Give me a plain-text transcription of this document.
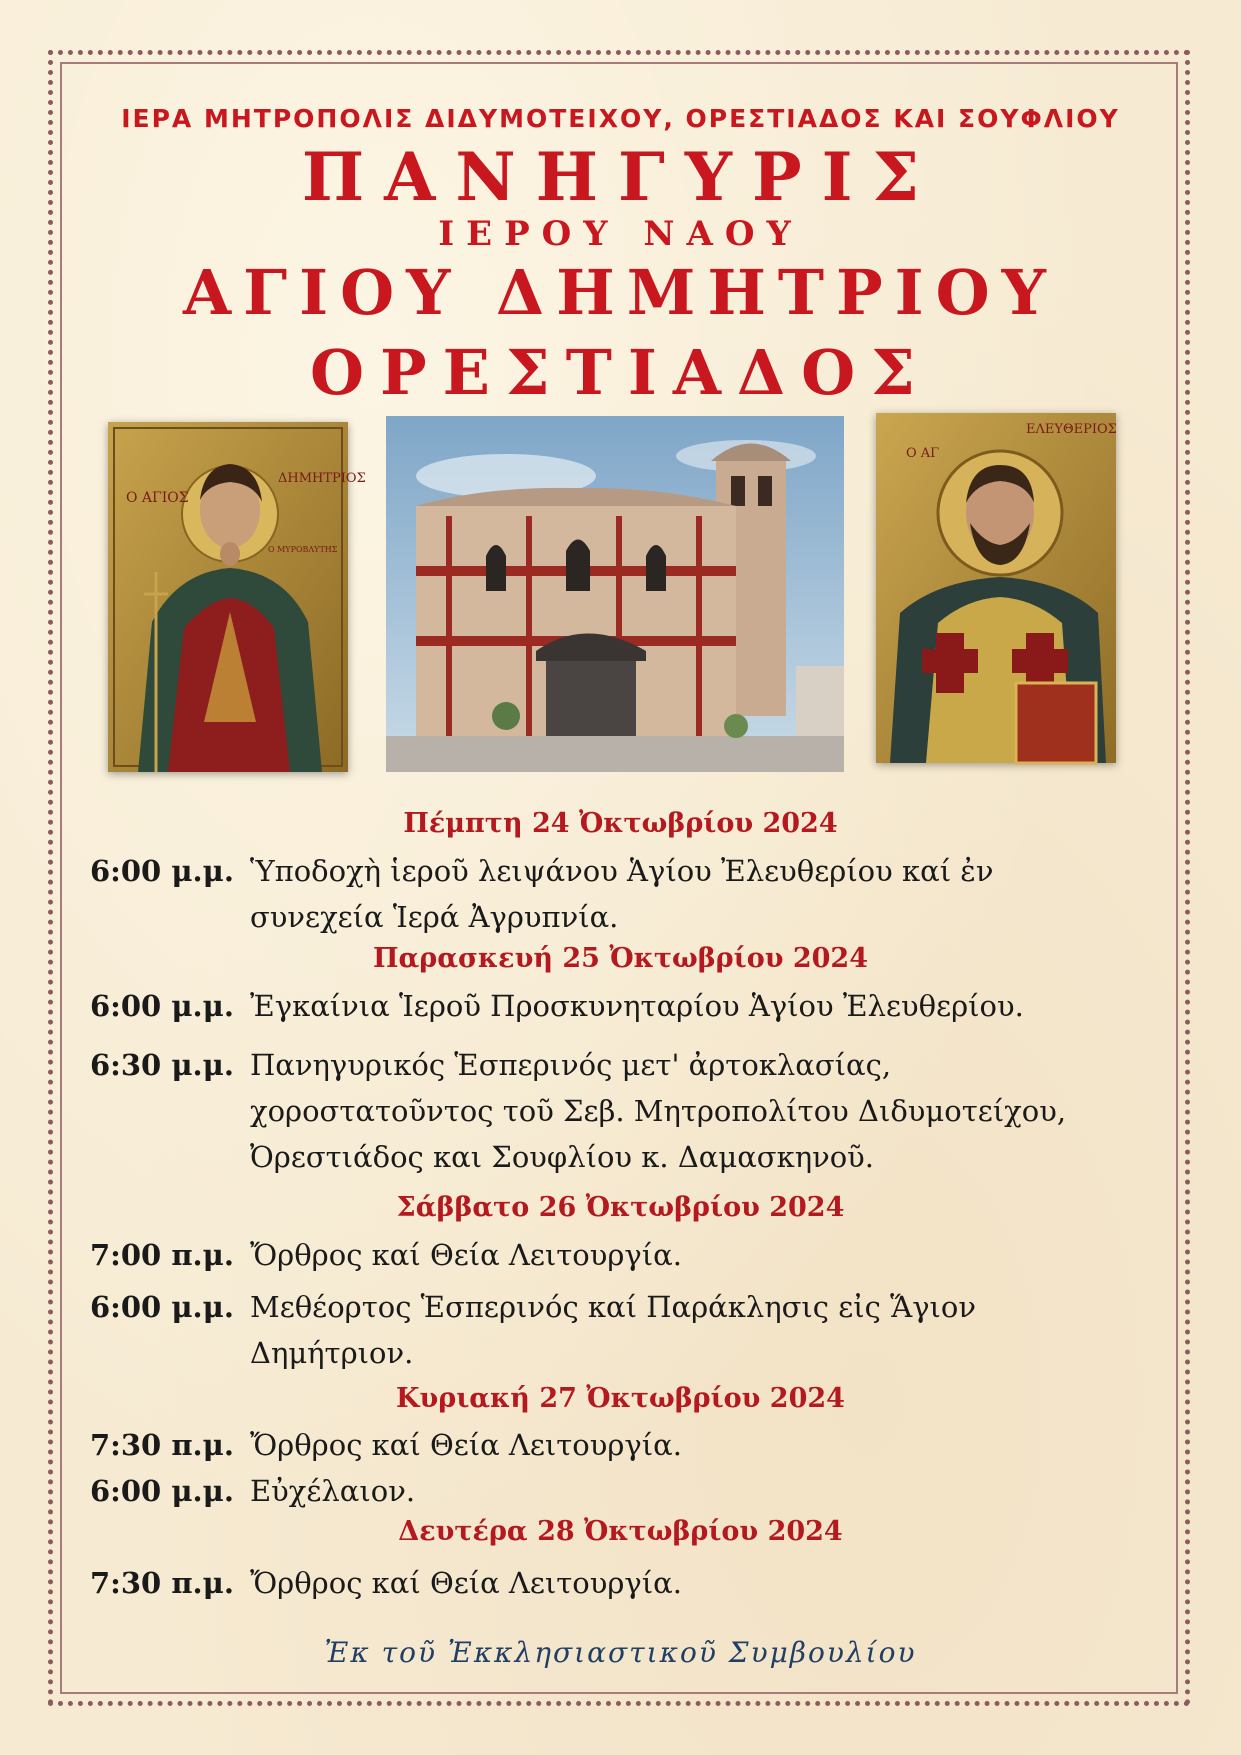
ΙΕΡΑ ΜΗΤΡΟΠΟΛΙΣ ΔΙΔΥΜΟΤΕΙΧΟΥ, ΟΡΕΣΤΙΑΔΟΣ ΚΑΙ ΣΟΥΦΛΙΟΥ
ΠΑΝΗΓΥΡΙΣ
ΙΕΡΟΥ ΝΑΟΥ
ΑΓΙΟΥ ΔΗΜΗΤΡΙΟΥ
ΟΡΕΣΤΙΑΔΟΣ
Ο ΑΓΙΟΣ
ΔΗΜΗΤΡΙΟΣ
Ο ΜΥΡΟΒΛΥΤΗΣ
Ο ΑΓ
ΕΛΕΥΘΕΡΙΟΣ
Πέμπτη 24 Ὀκτωβρίου 2024
6:00 μ.μ. Ὑποδοχὴ ἱεροῦ λειψάνου Ἁγίου Ἐλευθερίου καί ἐν
συνεχεία Ἱερά Ἀγρυπνία.
Παρασκευή 25 Ὀκτωβρίου 2024
6:00 μ.μ. Ἐγκαίνια Ἱεροῦ Προσκυνηταρίου Ἁγίου Ἐλευθερίου.
6:30 μ.μ. Πανηγυρικός Ἑσπερινός μετ' ἀρτοκλασίας,
χοροστατοῦντος τοῦ Σεβ. Μητροπολίτου Διδυμοτείχου,
Ὀρεστιάδος και Σουφλίου κ. Δαμασκηνοῦ.
Σάββατο 26 Ὀκτωβρίου 2024
7:00 π.μ. Ὄρθρος καί Θεία Λειτουργία.
6:00 μ.μ. Μεθέορτος Ἑσπερινός καί Παράκλησις εἰς Ἅγιον
Δημήτριον.
Κυριακή 27 Ὀκτωβρίου 2024
7:30 π.μ. Ὄρθρος καί Θεία Λειτουργία.
6:00 μ.μ. Εὐχέλαιον.
Δευτέρα 28 Ὀκτωβρίου 2024
7:30 π.μ. Ὄρθρος καί Θεία Λειτουργία.
Ἐκ τοῦ Ἐκκλησιαστικοῦ Συμβουλίου
